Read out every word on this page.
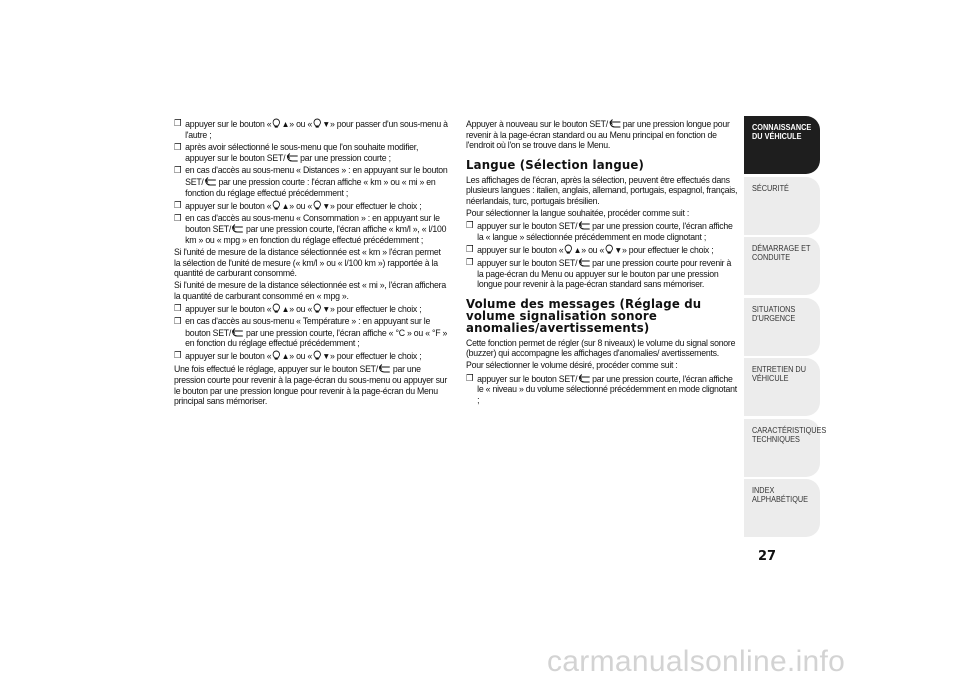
❒ appuyer sur le bouton « ▲» ou « ▼» pour passer d'un sous-menu à l'autre ;
❒ après avoir sélectionné le sous-menu que l'on souhaite modifier, appuyer sur le bouton SET/ par une pression courte ;
❒ en cas d'accès au sous-menu « Distances » : en appuyant sur le bouton SET/ par une pression courte : l'écran affiche « km » ou « mi » en fonction du réglage effectué précédemment ;
❒ appuyer sur le bouton « ▲» ou « ▼» pour effectuer le choix ;
❒ en cas d'accès au sous-menu « Consommation » : en appuyant sur le bouton SET/ par une pression courte, l'écran affiche « km/l », « l/100 km » ou « mpg » en fonction du réglage effectué précédemment ;
Si l'unité de mesure de la distance sélectionnée est « km » l'écran permet la sélection de l'unité de mesure (« km/l » ou « l/100 km ») rapportée à la quantité de carburant consommé.
Si l'unité de mesure de la distance sélectionnée est « mi », l'écran affichera la quantité de carburant consommé en « mpg ».
❒ appuyer sur le bouton « ▲» ou « ▼» pour effectuer le choix ;
❒ en cas d'accès au sous-menu « Température » : en appuyant sur le bouton SET/ par une pression courte, l'écran affiche « °C » ou « °F » en fonction du réglage effectué précédemment ;
❒ appuyer sur le bouton « ▲» ou « ▼» pour effectuer le choix ;
Une fois effectué le réglage, appuyer sur le bouton SET/ par une pression courte pour revenir à la page-écran du sous-menu ou appuyer sur le bouton par une pression longue pour revenir à la page-écran du Menu principal sans mémoriser.
Appuyer à nouveau sur le bouton SET/ par une pression longue pour revenir à la page-écran standard ou au Menu principal en fonction de l'endroit où l'on se trouve dans le Menu.
Langue (Sélection langue)
Les affichages de l'écran, après la sélection, peuvent être effectués dans plusieurs langues : italien, anglais, allemand, portugais, espagnol, français, néerlandais, turc, portugais brésilien.
Pour sélectionner la langue souhaitée, procéder comme suit :
❒ appuyer sur le bouton SET/ par une pression courte, l'écran affiche la « langue » sélectionnée précédemment en mode clignotant ;
❒ appuyer sur le bouton « ▲» ou « ▼» pour effectuer le choix ;
❒ appuyer sur le bouton SET/ par une pression courte pour revenir à la page-écran du Menu ou appuyer sur le bouton par une pression longue pour revenir à la page-écran standard sans mémoriser.
Volume des messages (Réglage du volume signalisation sonore anomalies/avertissements)
Cette fonction permet de régler (sur 8 niveaux) le volume du signal sonore (buzzer) qui accompagne les affichages d'anomalies/ avertissements.
Pour sélectionner le volume désiré, procéder comme suit :
❒ appuyer sur le bouton SET/ par une pression courte, l'écran affiche le « niveau » du volume sélectionné précédemment en mode clignotant ;
CONNAISSANCE
DU VÉHICULE
SÉCURITÉ
DÉMARRAGE ET
CONDUITE
SITUATIONS
D'URGENCE
ENTRETIEN DU
VÉHICULE
CARACTÉRISTIQUES
TECHNIQUES
INDEX
ALPHABÉTIQUE
27
carmanualsonline.info
